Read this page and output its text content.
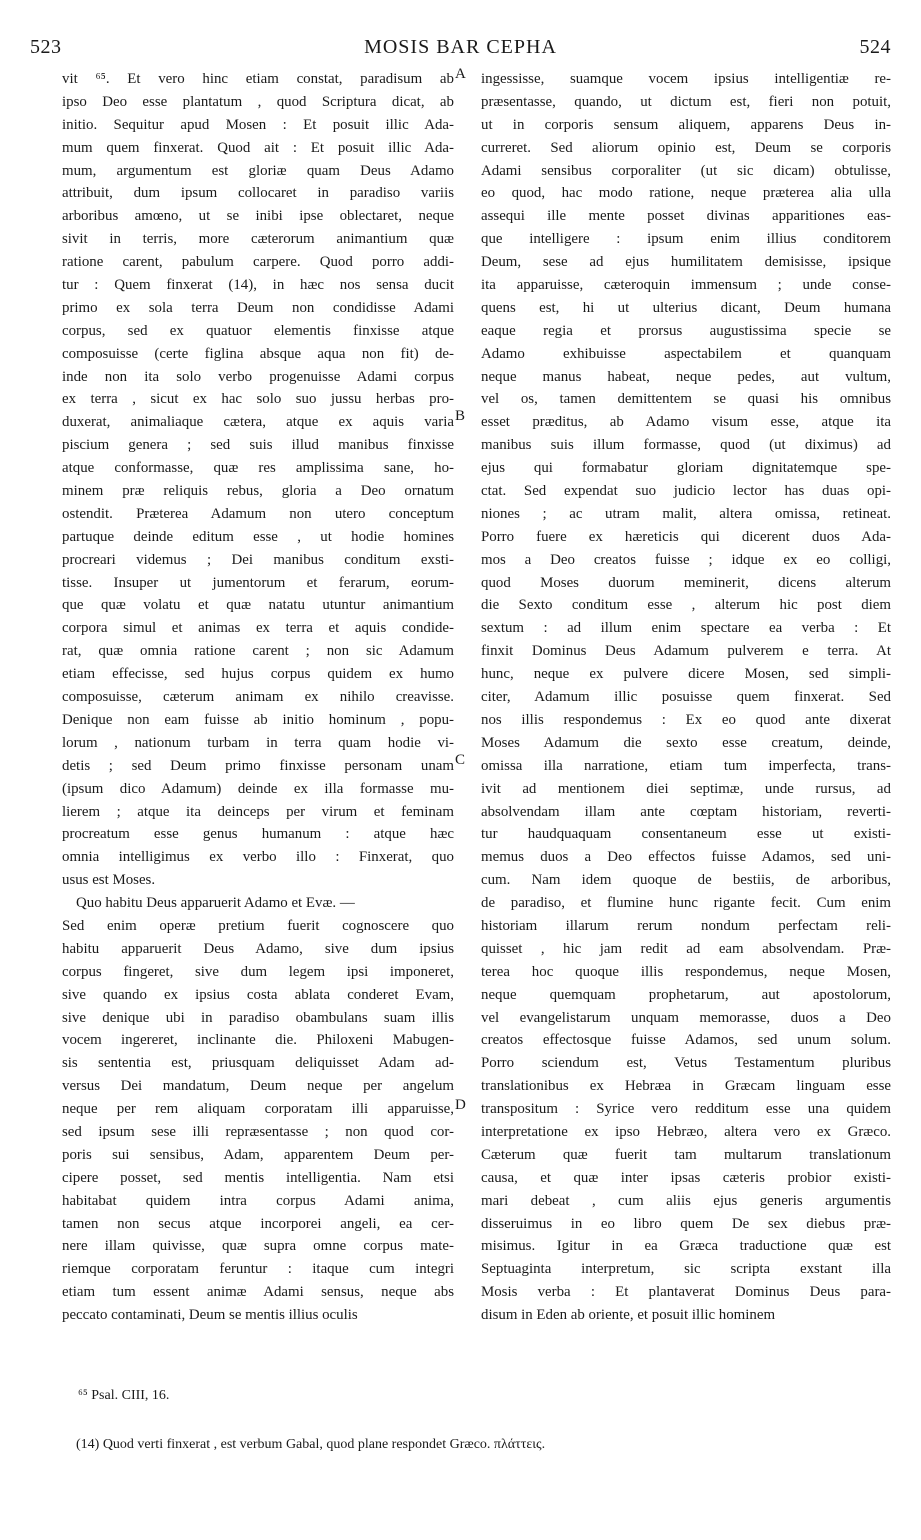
523	MOSIS BAR CEPHA	524
vit ⁶⁵. Et vero hinc etiam constat, paradisum ab
ipso Deo esse plantatum , quod Scriptura dicat, ab
initio. Sequitur apud Mosen : Et posuit illic Ada-
mum quem finxerat. Quod ait : Et posuit illic Ada-
mum, argumentum est gloriæ quam Deus Adamo
attribuit, dum ipsum collocaret in paradiso variis
arboribus amœno, ut se inibi ipse oblectaret, neque
sivit in terris, more cæterorum animantium quæ
ratione carent, pabulum carpere. Quod porro addi-
tur : Quem finxerat (14), in hæc nos sensa ducit
primo ex sola terra Deum non condidisse Adami
corpus, sed ex quatuor elementis finxisse atque
composuisse (certe figlina absque aqua non fit) de-
inde non ita solo verbo progenuisse Adami corpus
ex terra , sicut ex hac solo suo jussu herbas pro-
duxerat, animaliaque cætera, atque ex aquis varia
piscium genera ; sed suis illud manibus finxisse
atque conformasse, quæ res amplissima sane, ho-
minem præ reliquis rebus, gloria a Deo ornatum
ostendit. Præterea Adamum non utero conceptum
partuque deinde editum esse , ut hodie homines
procreari videmus ; Dei manibus conditum exsti-
tisse. Insuper ut jumentorum et ferarum, eorum-
que quæ volatu et quæ natatu utuntur animantium
corpora simul et animas ex terra et aquis condide-
rat, quæ omnia ratione carent ; non sic Adamum
etiam effecisse, sed hujus corpus quidem ex humo
composuisse, cæterum animam ex nihilo creavisse.
Denique non eam fuisse ab initio hominum , popu-
lorum , nationum turbam in terra quam hodie vi-
detis ; sed Deum primo finxisse personam unam
(ipsum dico Adamum) deinde ex illa formasse mu-
lierem ; atque ita deinceps per virum et feminam
procreatum esse genus humanum : atque hæc
omnia intelligimus ex verbo illo : Finxerat, quo
usus est Moses.
Quo habitu Deus apparuerit Adamo et Evæ. —
Sed enim operæ pretium fuerit cognoscere quo
habitu apparuerit Deus Adamo, sive dum ipsius
corpus fingeret, sive dum legem ipsi imponeret,
sive quando ex ipsius costa ablata conderet Evam,
sive denique ubi in paradiso obambulans suam illis
vocem ingereret, inclinante die. Philoxeni Mabugen-
sis sententia est, priusquam deliquisset Adam ad-
versus Dei mandatum, Deum neque per angelum
neque per rem aliquam corporatam illi apparuisse,
sed ipsum sese illi repræsentasse ; non quod cor-
poris sui sensibus, Adam, apparentem Deum per-
cipere posset, sed mentis intelligentia. Nam etsi
habitabat quidem intra corpus Adami anima,
tamen non secus atque incorporei angeli, ea cer-
nere illam quivisse, quæ supra omne corpus mate-
riemque corporatam feruntur : itaque cum integri
etiam tum essent animæ Adami sensus, neque abs
peccato contaminati, Deum se mentis illius oculis
ingessisse, suamque vocem ipsius intelligentiæ re-
præsentasse, quando, ut dictum est, fieri non potuit,
ut in corporis sensum aliquem, apparens Deus in-
curreret. Sed aliorum opinio est, Deum se corporis
Adami sensibus corporaliter (ut sic dicam) obtulisse,
eo quod, hac modo ratione, neque præterea alia ulla
assequi ille mente posset divinas apparitiones eas-
que intelligere : ipsum enim illius conditorem
Deum, sese ad ejus humilitatem demisisse, ipsique
ita apparuisse, cæteroquin immensum ; unde conse-
quens est, hi ut ulterius dicant, Deum humana
eaque regia et prorsus augustissima specie se
Adamo exhibuisse aspectabilem et quanquam
neque manus habeat, neque pedes, aut vultum,
vel os, tamen demittentem se quasi his omnibus
esset præditus, ab Adamo visum esse, atque ita
manibus suis illum formasse, quod (ut diximus) ad
ejus qui formabatur gloriam dignitatemque spe-
ctat. Sed expendat suo judicio lector has duas opi-
niones ; ac utram malit, altera omissa, retineat.
Porro fuere ex hæreticis qui dicerent duos Ada-
mos a Deo creatos fuisse ; idque ex eo colligi,
quod Moses duorum meminerit, dicens alterum
die Sexto conditum esse , alterum hic post diem
sextum : ad illum enim spectare ea verba : Et
finxit Dominus Deus Adamum pulverem e terra. At
hunc, neque ex pulvere dicere Mosen, sed simpli-
citer, Adamum illic posuisse quem finxerat. Sed
nos illis respondemus : Ex eo quod ante dixerat
Moses Adamum die sexto esse creatum, deinde,
omissa illa narratione, etiam tum imperfecta, trans-
ivit ad mentionem diei septimæ, unde rursus, ad
absolvendam illam ante cœptam historiam, reverti-
tur haudquaquam consentaneum esse ut existi-
memus duos a Deo effectos fuisse Adamos, sed uni-
cum. Nam idem quoque de bestiis, de arboribus,
de paradiso, et flumine hunc rigante fecit. Cum enim
historiam illarum rerum nondum perfectam reli-
quisset , hic jam redit ad eam absolvendam. Præ-
terea hoc quoque illis respondemus, neque Mosen,
neque quemquam prophetarum, aut apostolorum,
vel evangelistarum unquam memorasse, duos a Deo
creatos effectosque fuisse Adamos, sed unum solum.
Porro sciendum est, Vetus Testamentum pluribus
translationibus ex Hebræa in Græcam linguam esse
transpositum : Syrice vero redditum esse una quidem
interpretatione ex ipso Hebræo, altera vero ex Græco.
Cæterum quæ fuerit tam multarum translationum
causa, et quæ inter ipsas cæteris probior existi-
mari debeat , cum aliis ejus generis argumentis
disseruimus in eo libro quem De sex diebus præ-
misimus. Igitur in ea Græca traductione quæ est
Septuaginta interpretum, sic scripta exstant illa
Mosis verba : Et plantaverat Dominus Deus para-
disum in Eden ab oriente, et posuit illic hominem
A
B
C
D
⁶⁵ Psal. CIII, 16.
(14) Quod verti finxerat , est verbum Gabal, quod plane respondet Græco. πλάττεις.
